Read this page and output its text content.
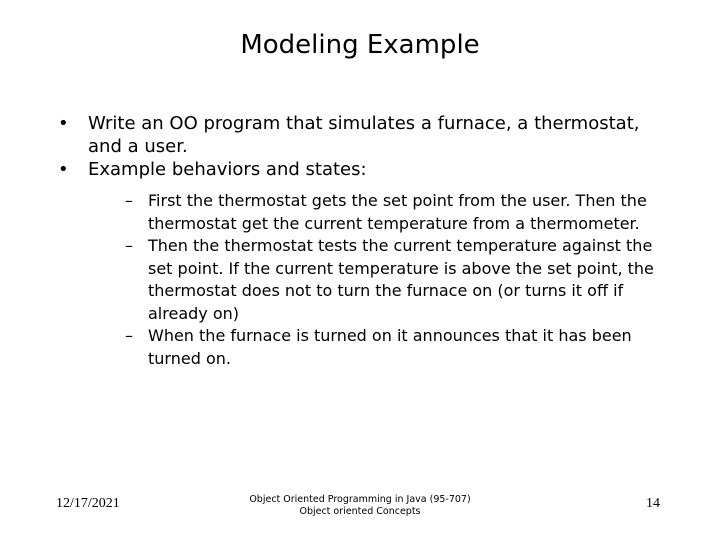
Modeling Example
•	Write an OO program that simulates a furnace, a thermostat, and a user.
•	Example behaviors and states:
– First the thermostat gets the set point from the user. Then the thermostat get the current temperature from a thermometer.
– Then the thermostat tests the current temperature against the set point. If the current temperature is above the set point, the thermostat does not to turn the furnace on (or turns it off if already on)
– When the furnace is turned on it announces that it has been turned on.
12/17/2021	Object Oriented Programming in Java (95-707)
Object oriented Concepts
14
